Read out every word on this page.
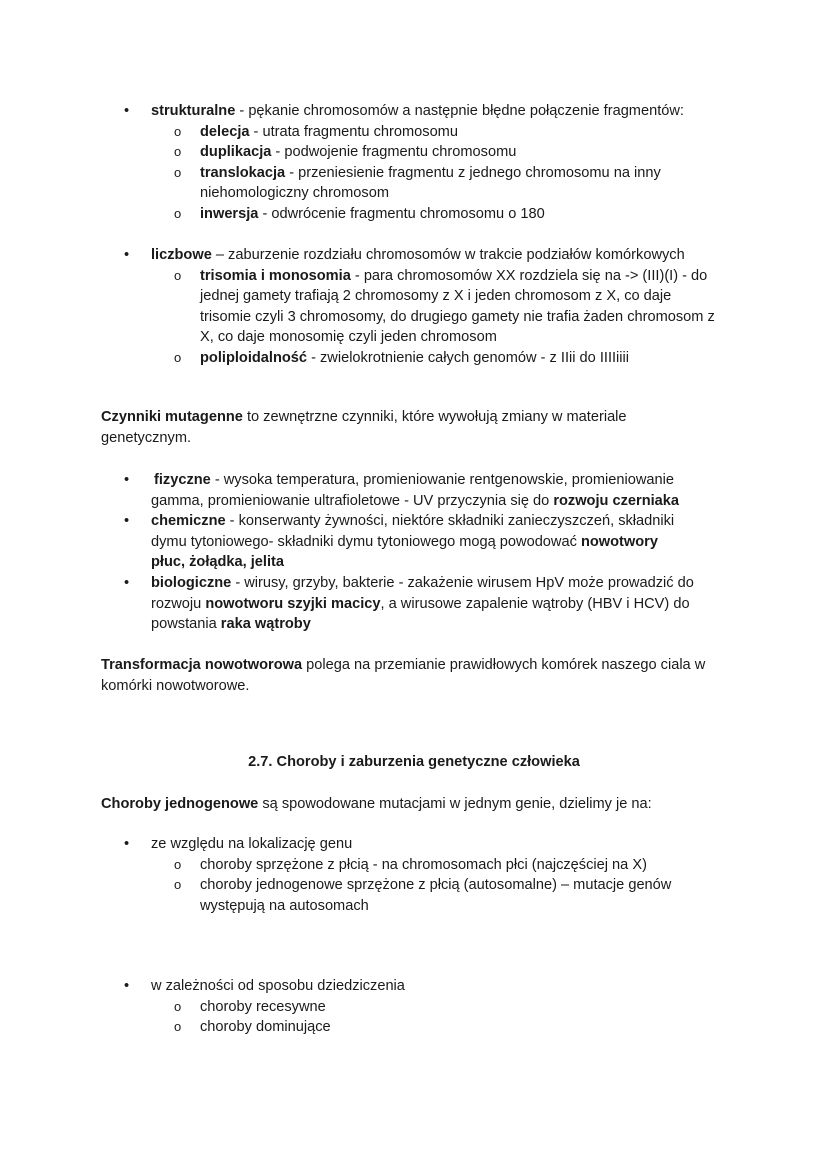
• strukturalne - pękanie chromosomów a następnie błędne połączenie fragmentów:
o delecja - utrata fragmentu chromosomu
o duplikacja - podwojenie fragmentu chromosomu
o translokacja - przeniesienie fragmentu z jednego chromosomu na inny niehomologiczny chromosom
o inwersja - odwrócenie fragmentu chromosomu o 180
• liczbowe – zaburzenie rozdziału chromosomów w trakcie podziałów komórkowych
o trisomia i monosomia - para chromosomów XX rozdziela się na -> (III)(I) - do jednej gamety trafiają 2 chromosomy z X i jeden chromosom z X, co daje trisomie czyli 3 chromosomy, do drugiego gamety nie trafia żaden chromosom z X, co daje monosomię czyli jeden chromosom
o poliploidalność - zwielokrotnienie całych genomów - z IIii do IIIIiiii
Czynniki mutagenne to zewnętrzne czynniki, które wywołują zmiany w materiale genetycznym.
• fizyczne - wysoka temperatura, promieniowanie rentgenowskie, promieniowanie gamma, promieniowanie ultrafioletowe - UV przyczynia się do rozwoju czerniaka
• chemiczne - konserwanty żywności, niektóre składniki zanieczyszczeń, składniki dymu tytoniowego- składniki dymu tytoniowego mogą powodować nowotwory płuc, żołądka, jelita
• biologiczne - wirusy, grzyby, bakterie - zakażenie wirusem HpV może prowadzić do rozwoju nowotworu szyjki macicy, a wirusowe zapalenie wątroby (HBV i HCV) do powstania raka wątroby
Transformacja nowotworowa polega na przemianie prawidłowych komórek naszego ciala w komórki nowotworowe.
2.7. Choroby i zaburzenia genetyczne człowieka
Choroby jednogenowe są spowodowane mutacjami w jednym genie, dzielimy je na:
• ze względu na lokalizację genu
o choroby sprzężone z płcią - na chromosomach płci (najczęściej na X)
o choroby jednogenowe sprzężone z płcią (autosomalne) – mutacje genów występują na autosomach
• w zależności od sposobu dziedziczenia
o choroby recesywne
o choroby dominujące
